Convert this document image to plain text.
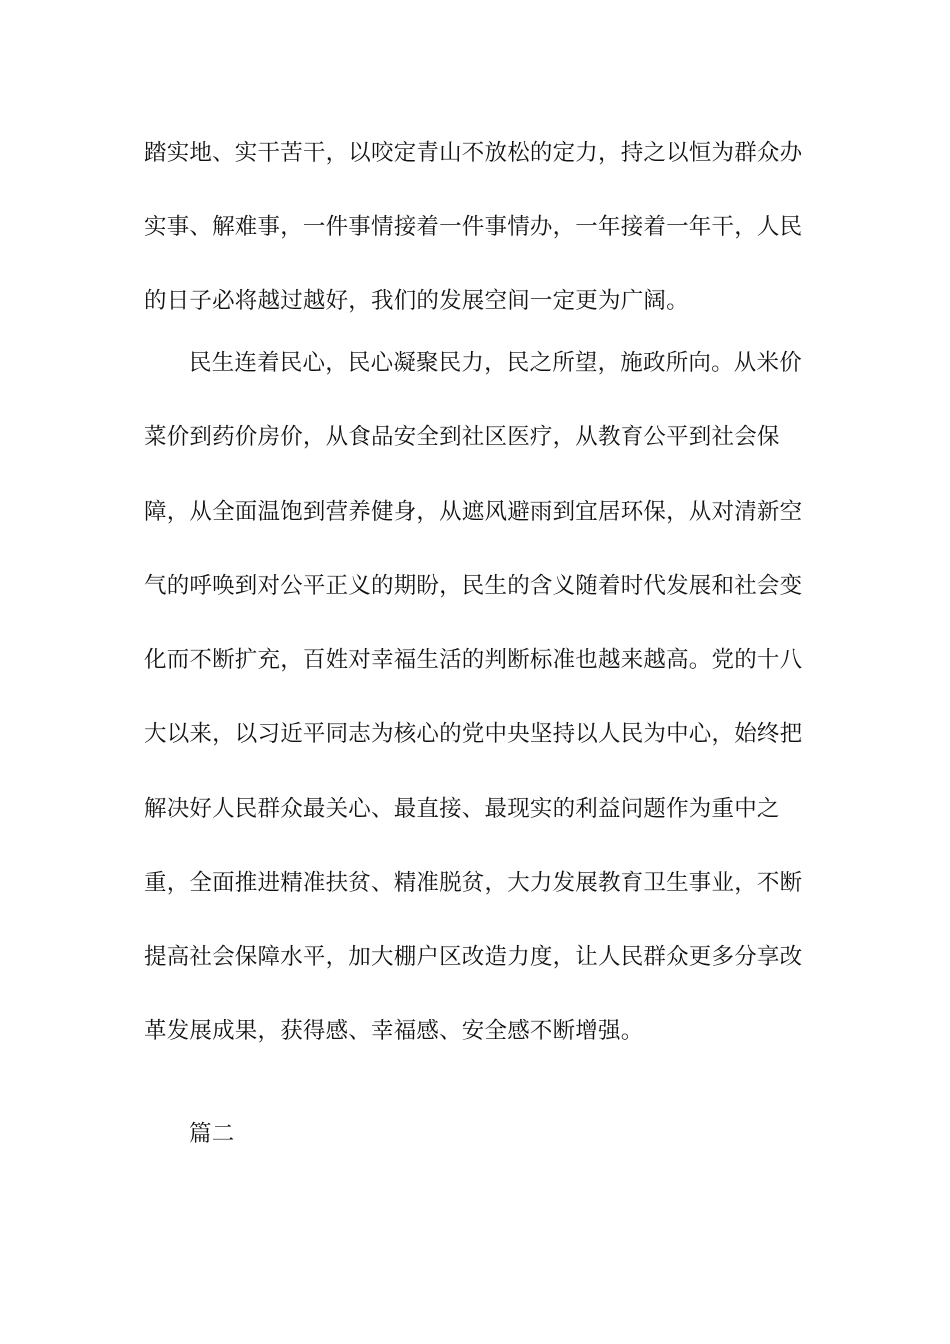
踏实地、实干苦干，以咬定青山不放松的定力，持之以恒为群众办
实事、解难事，一件事情接着一件事情办，一年接着一年干，人民
的日子必将越过越好，我们的发展空间一定更为广阔。
民生连着民心，民心凝聚民力，民之所望，施政所向。从米价
菜价到药价房价，从食品安全到社区医疗，从教育公平到社会保
障，从全面温饱到营养健身，从遮风避雨到宜居环保，从对清新空
气的呼唤到对公平正义的期盼，民生的含义随着时代发展和社会变
化而不断扩充，百姓对幸福生活的判断标准也越来越高。党的十八
大以来，以习近平同志为核心的党中央坚持以人民为中心，始终把
解决好人民群众最关心、最直接、最现实的利益问题作为重中之
重，全面推进精准扶贫、精准脱贫，大力发展教育卫生事业，不断
提高社会保障水平，加大棚户区改造力度，让人民群众更多分享改
革发展成果，获得感、幸福感、安全感不断增强。
篇二
